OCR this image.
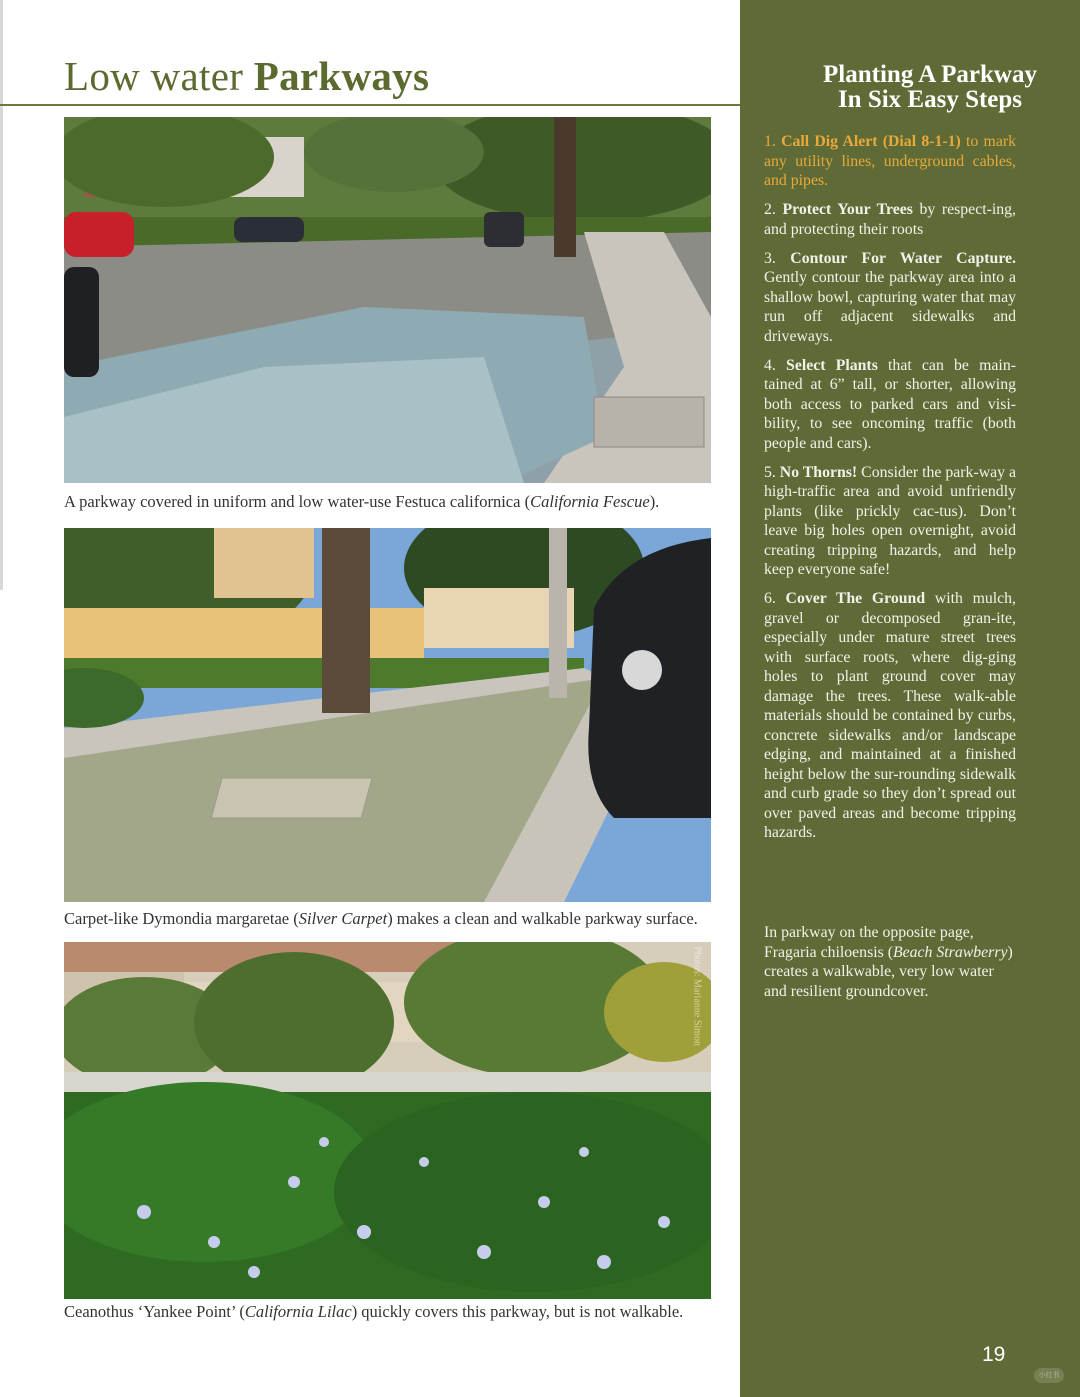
Low water Parkways
A parkway covered in uniform and low water-use Festuca californica (California Fescue).
Carpet-like Dymondia margaretae (Silver Carpet) makes a clean and walkable parkway surface.
Photos: Marianne Simon
Ceanothus ‘Yankee Point’ (California Lilac) quickly covers this parkway, but is not walkable.
Planting A Parkway
In Six Easy Steps

1. Call Dig Alert (Dial 8-1-1) to mark any utility lines, underground cables, and pipes.

2. Protect Your Trees by respect-ing, and protecting their roots

3. Contour For Water Capture. Gently contour the parkway area into a shallow bowl, capturing water that may run off adjacent sidewalks and driveways.

4. Select Plants that can be main-tained at 6” tall, or shorter, allowing both access to parked cars and visi-bility, to see oncoming traffic (both people and cars).

5. No Thorns! Consider the park-way a high-traffic area and avoid unfriendly plants (like prickly cac-tus). Don’t leave big holes open overnight, avoid creating tripping hazards, and help keep everyone safe!

6. Cover The Ground with mulch, gravel or decomposed gran-ite, especially under mature street trees with surface roots, where dig-ging holes to plant ground cover may damage the trees. These walk-able materials should be contained by curbs, concrete sidewalks and/or landscape edging, and maintained at a finished height below the sur-rounding sidewalk and curb grade so they don’t spread out over paved areas and become tripping hazards.

In parkway on the opposite page, Fragaria chiloensis (Beach Strawberry) creates a walkwable, very low water and resilient groundcover.
19
小红书
